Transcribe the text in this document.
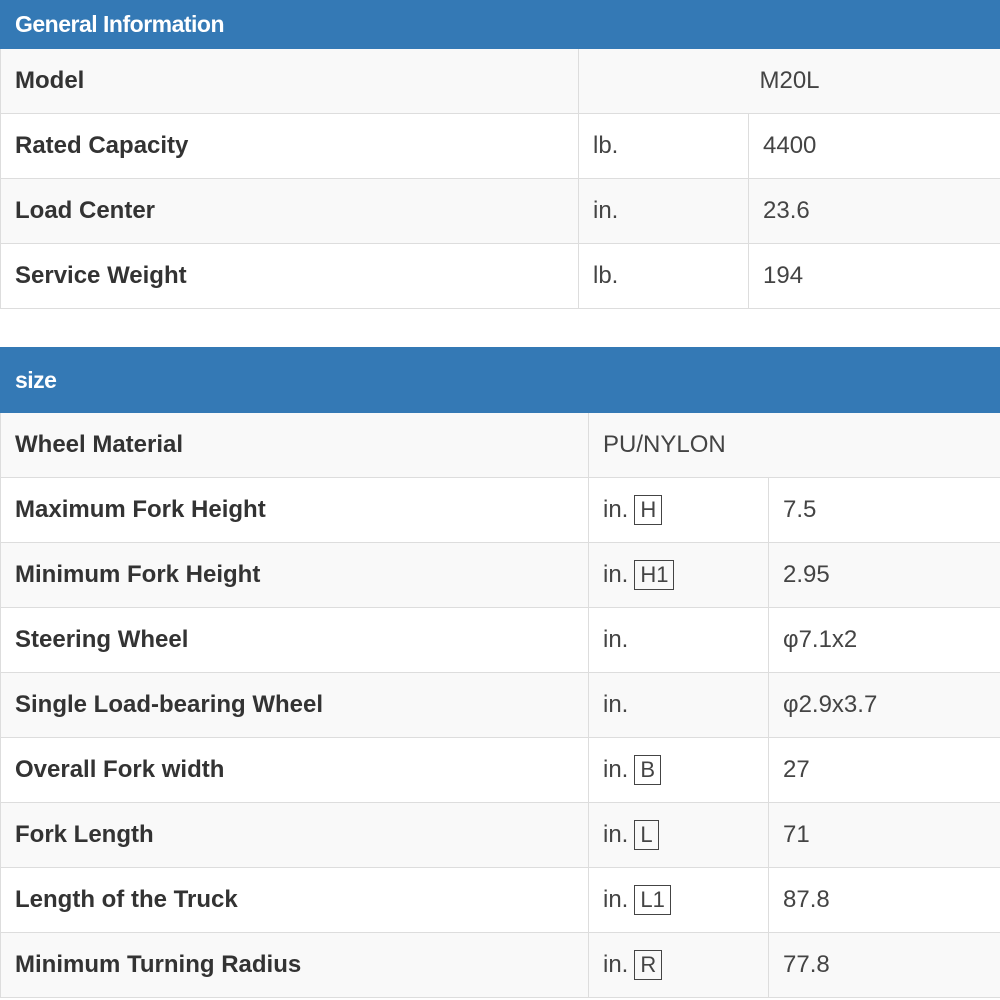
General Information		
Model	M20L	
Rated Capacity	lb.	4400
Load Center	in.	23.6
Service Weight	lb.	194
size		
Wheel Material	PU/NYLON	
Maximum Fork Height	in. H	7.5
Minimum Fork Height	in. H1	2.95
Steering Wheel	in.	φ7.1x2
Single Load-bearing Wheel	in.	φ2.9x3.7
Overall Fork width	in. B	27
Fork Length	in. L	71
Length of the Truck	in. L1	87.8
Minimum Turning Radius	in. R	77.8
